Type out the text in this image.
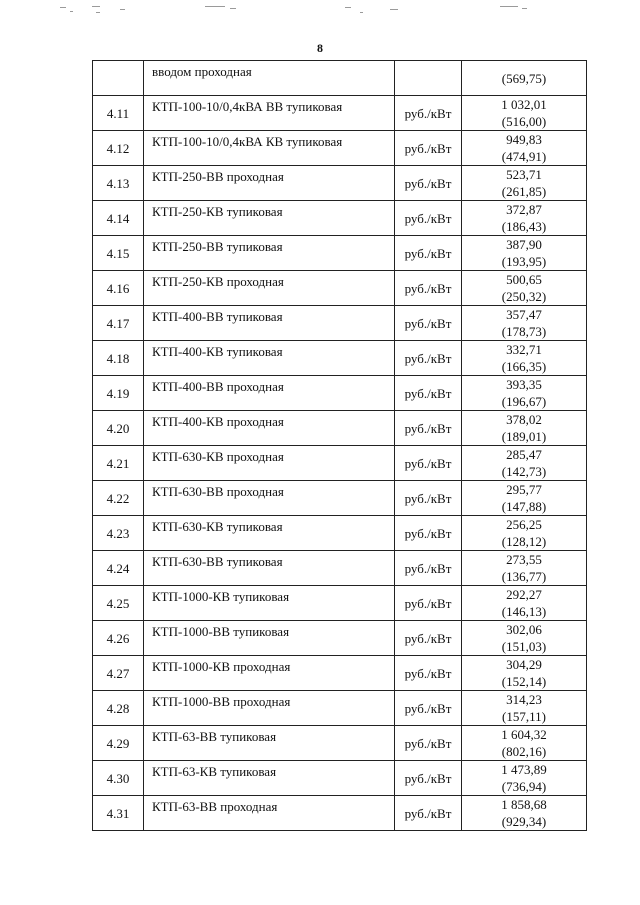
8

	вводом проходная		(569,75)

4.11	КТП-100-10/0,4кВА ВВ тупиковая	руб./кВт	1 032,01
(516,00)

4.12	КТП-100-10/0,4кВА КВ тупиковая	руб./кВт	949,83
(474,91)

4.13	КТП-250-ВВ проходная	руб./кВт	523,71
(261,85)

4.14	КТП-250-КВ тупиковая	руб./кВт	372,87
(186,43)

4.15	КТП-250-ВВ тупиковая	руб./кВт	387,90
(193,95)

4.16	КТП-250-КВ проходная	руб./кВт	500,65
(250,32)

4.17	КТП-400-ВВ тупиковая	руб./кВт	357,47
(178,73)

4.18	КТП-400-КВ тупиковая	руб./кВт	332,71
(166,35)

4.19	КТП-400-ВВ проходная	руб./кВт	393,35
(196,67)

4.20	КТП-400-КВ проходная	руб./кВт	378,02
(189,01)

4.21	КТП-630-КВ проходная	руб./кВт	285,47
(142,73)

4.22	КТП-630-ВВ проходная	руб./кВт	295,77
(147,88)

4.23	КТП-630-КВ тупиковая	руб./кВт	256,25
(128,12)

4.24	КТП-630-ВВ тупиковая	руб./кВт	273,55
(136,77)

4.25	КТП-1000-КВ тупиковая	руб./кВт	292,27
(146,13)

4.26	КТП-1000-ВВ тупиковая	руб./кВт	302,06
(151,03)

4.27	КТП-1000-КВ проходная	руб./кВт	304,29
(152,14)

4.28	КТП-1000-ВВ проходная	руб./кВт	314,23
(157,11)

4.29	КТП-63-ВВ тупиковая	руб./кВт	1 604,32
(802,16)

4.30	КТП-63-КВ тупиковая	руб./кВт	1 473,89
(736,94)

4.31	КТП-63-ВВ проходная	руб./кВт	1 858,68
(929,34)
